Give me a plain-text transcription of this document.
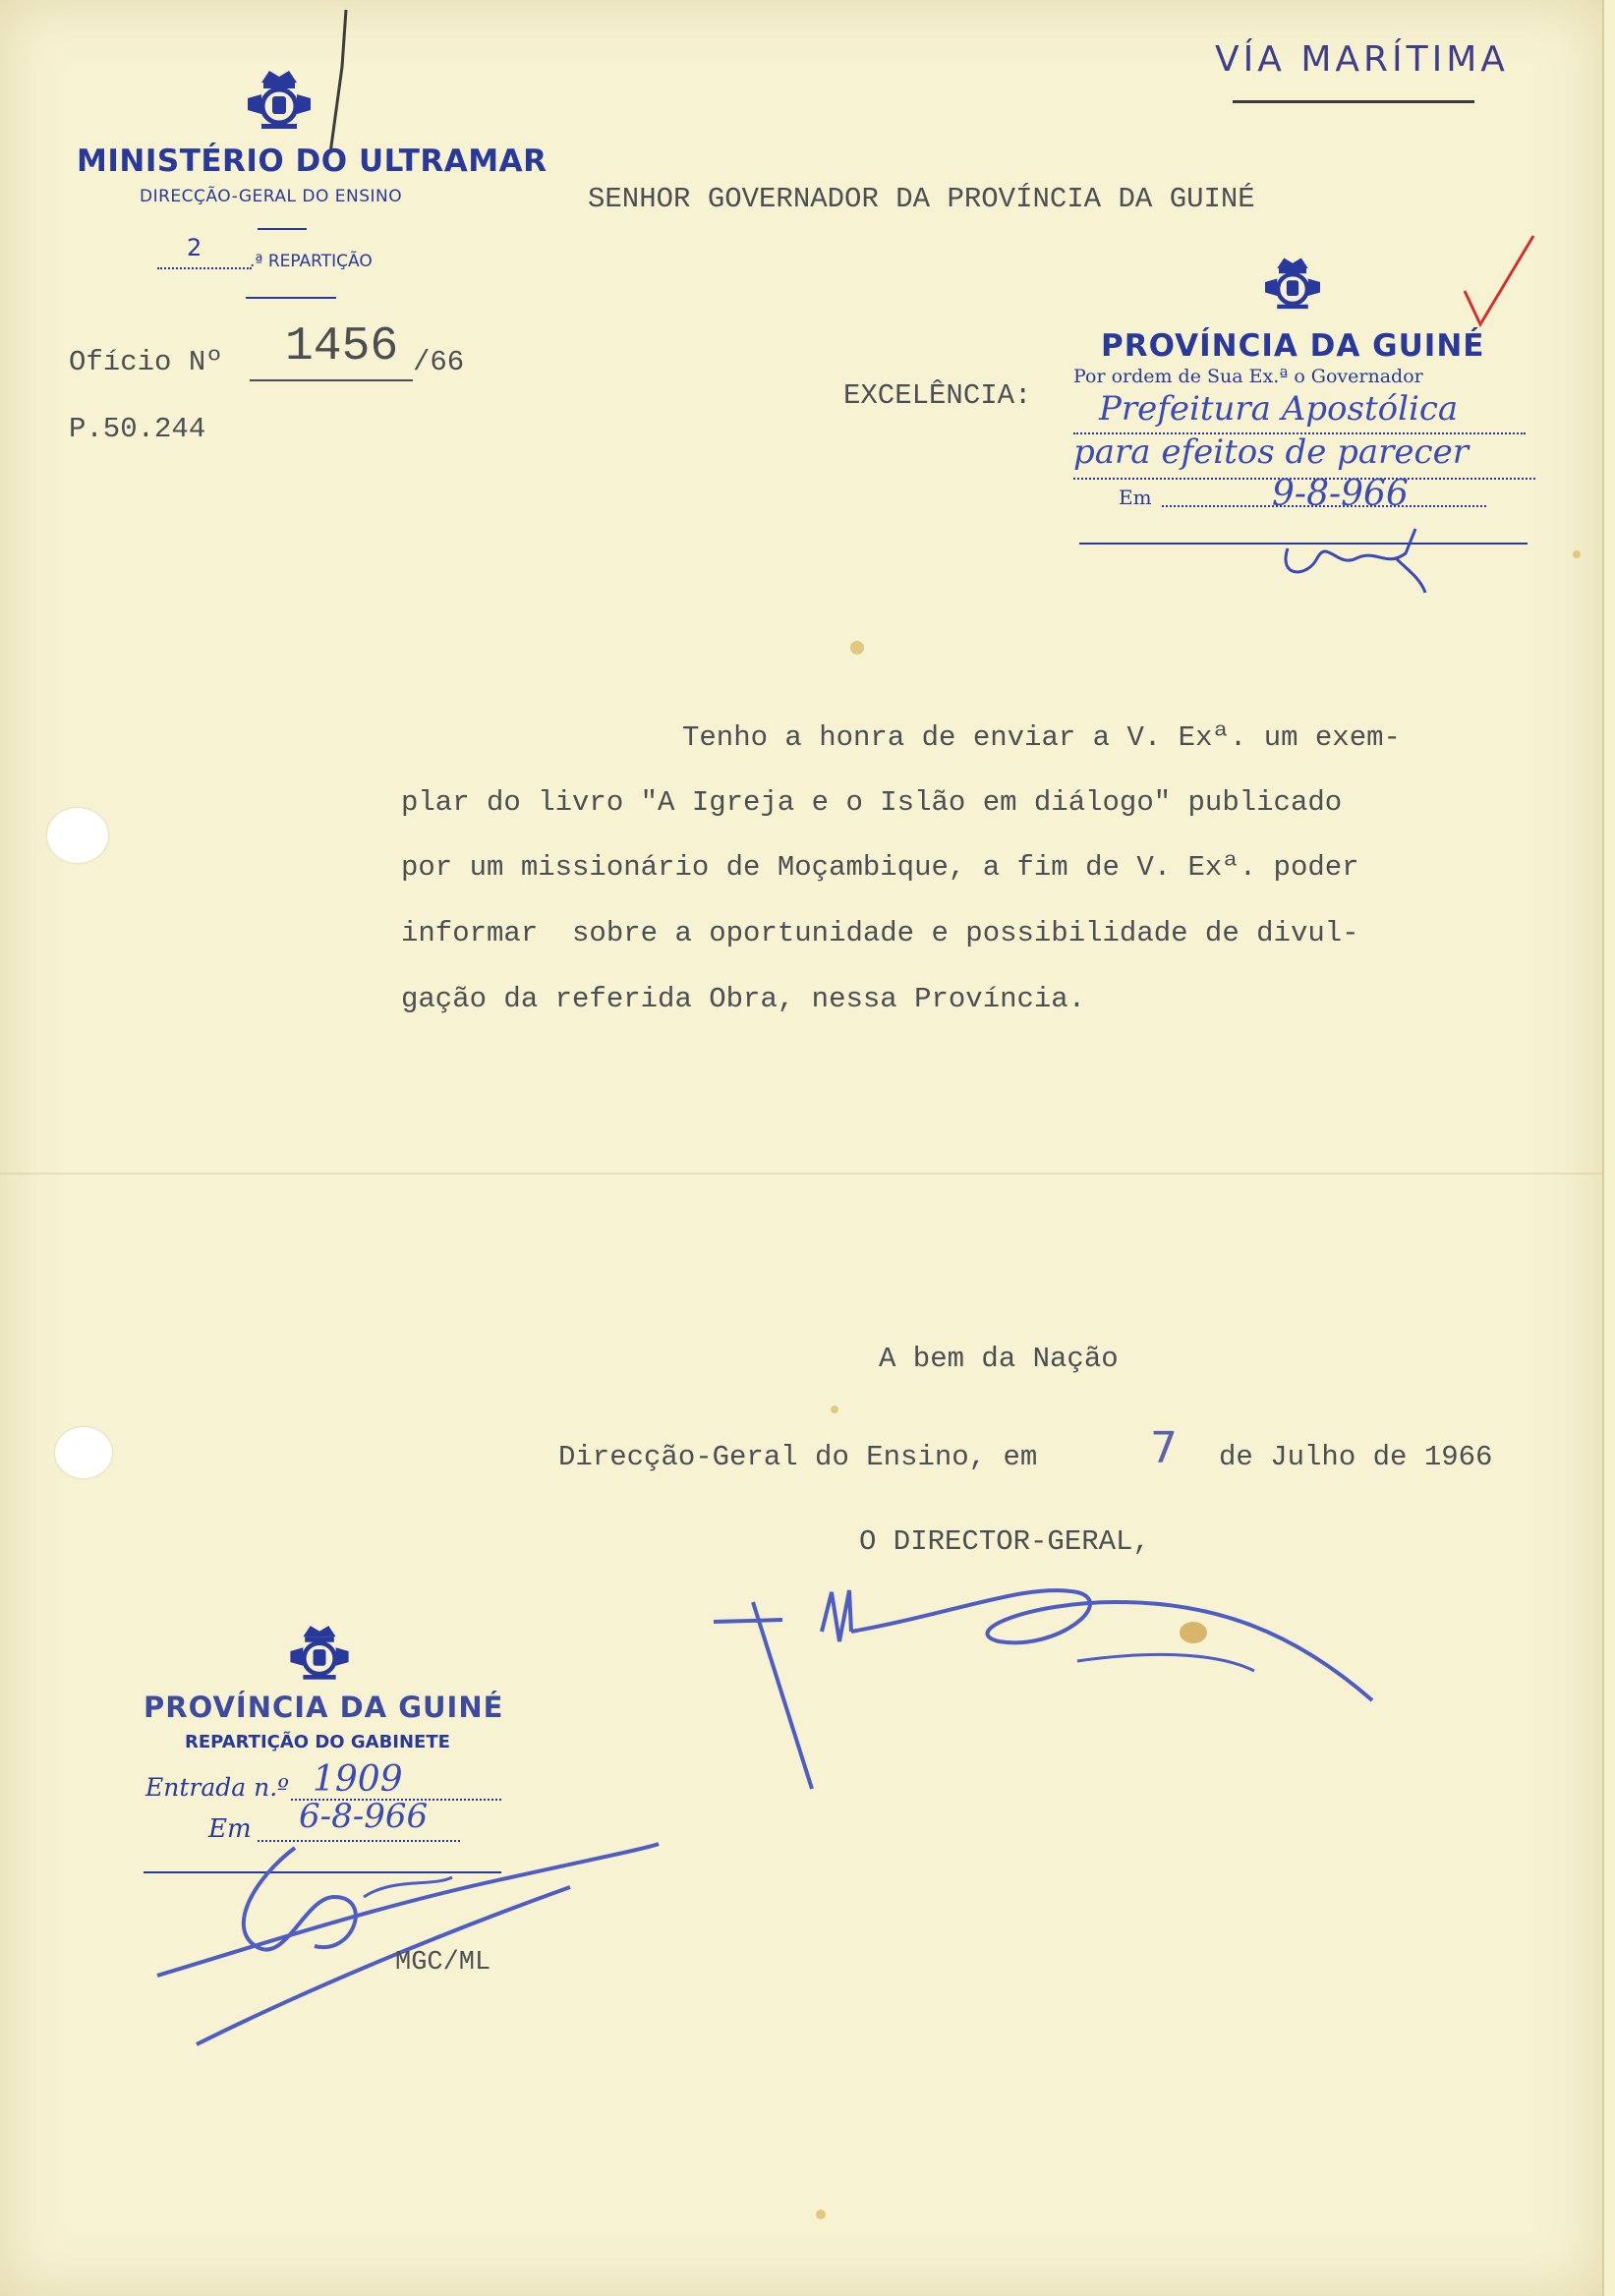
MINISTÉRIO DO ULTRAMAR
DIRECÇÃO-GERAL DO ENSINO
2	.ª REPARTIÇÃO
Ofício Nº 1456 /66
P.50.244
VÍA MARÍTIMA
SENHOR GOVERNADOR DA PROVÍNCIA DA GUINÉ
EXCELÊNCIA:
PROVÍNCIA DA GUINÉ
Por ordem de Sua Ex.ª o Governador
Prefeitura Apostólica
para efeitos de parecer
Em	9-8-966
Tenho a honra de enviar a V. Exª. um exem-
plar do livro "A Igreja e o Islão em diálogo" publicado
por um missionário de Moçambique, a fim de V. Exª. poder
informar  sobre a oportunidade e possibilidade de divul-
gação da referida Obra, nessa Província.
A bem da Nação
Direcção-Geral do Ensino, em	7 de Julho de 1966
O DIRECTOR-GERAL,
PROVÍNCIA DA GUINÉ
REPARTIÇÃO DO GABINETE
Entrada n.º 1909
Em 6-8-966
MGC/ML
